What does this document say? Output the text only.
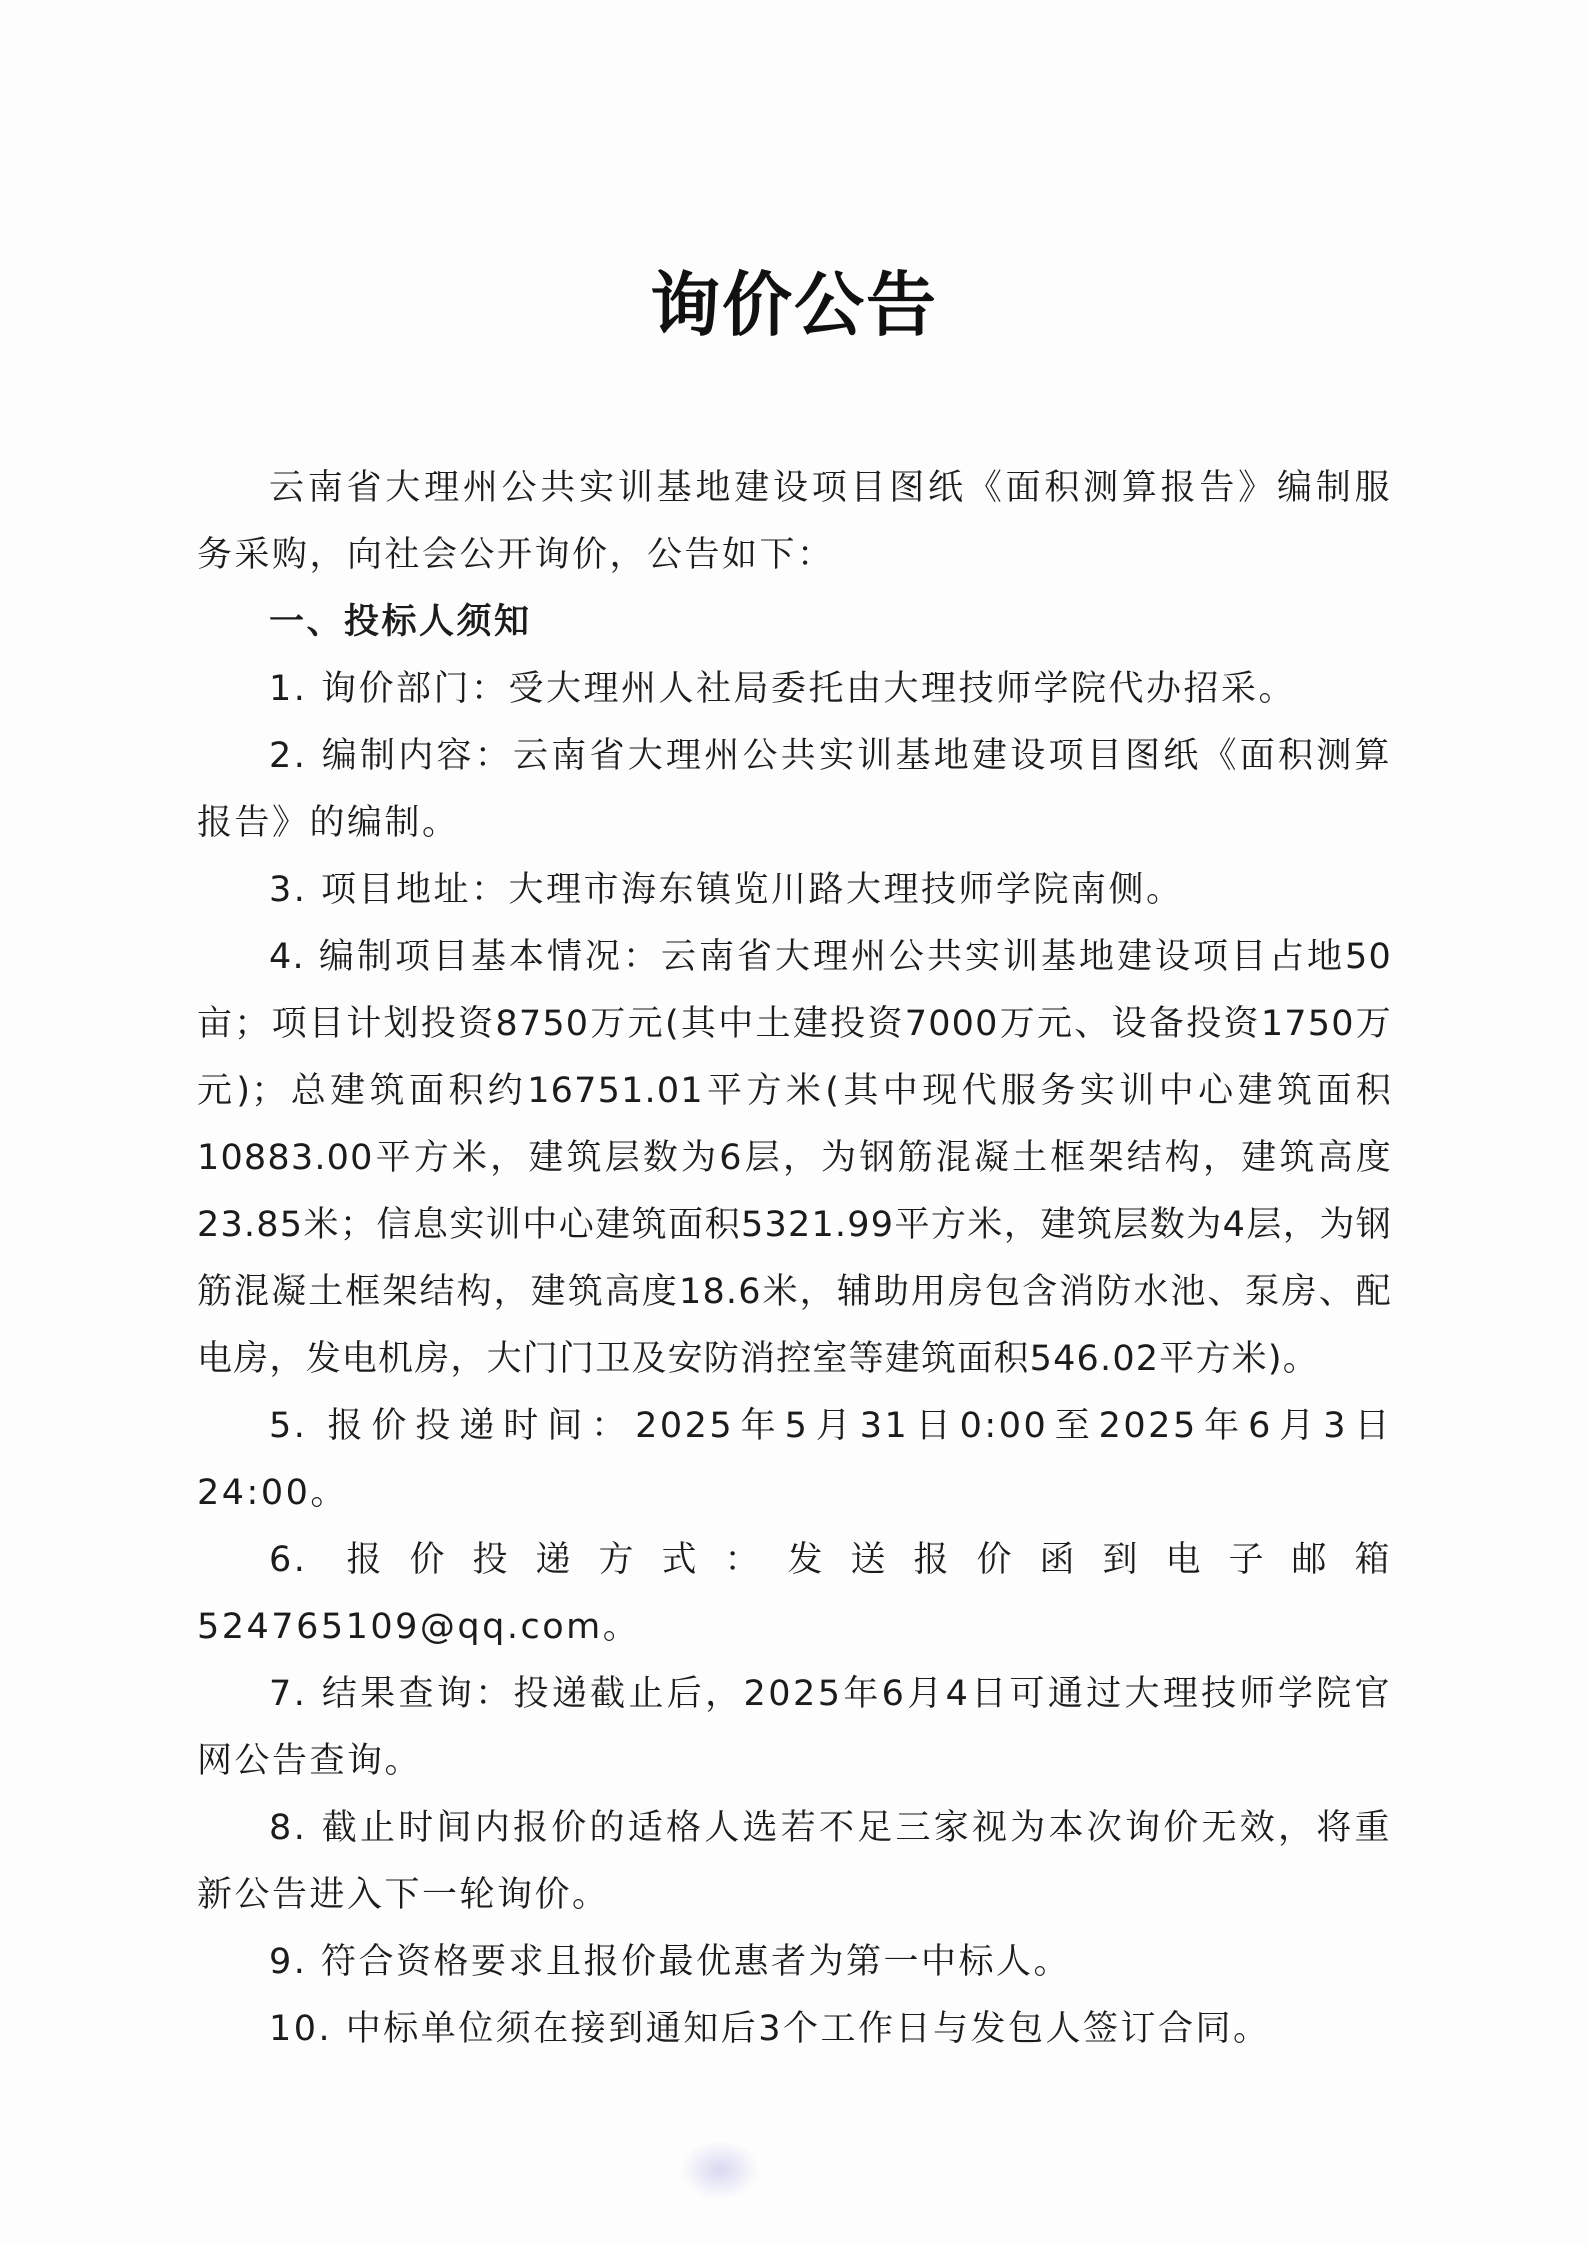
询价公告

云南省大理州公共实训基地建设项目图纸《面积测算报告》编制服务采购，向社会公开询价，公告如下：

一、投标人须知

1. 询价部门：受大理州人社局委托由大理技师学院代办招采。

2. 编制内容：云南省大理州公共实训基地建设项目图纸《面积测算报告》的编制。

3. 项目地址：大理市海东镇览川路大理技师学院南侧。

4. 编制项目基本情况：云南省大理州公共实训基地建设项目占地50亩；项目计划投资8750万元(其中土建投资7000万元、设备投资1750万元)；总建筑面积约16751.01平方米(其中现代服务实训中心建筑面积10883.00平方米，建筑层数为6层，为钢筋混凝土框架结构，建筑高度23.85米；信息实训中心建筑面积5321.99平方米，建筑层数为4层，为钢筋混凝土框架结构，建筑高度18.6米，辅助用房包含消防水池、泵房、配电房，发电机房，大门门卫及安防消控室等建筑面积546.02平方米)。

5. 报价投递时间：2025年5月31日0:00至2025年6月3日24:00。

6. 报价投递方式：发送报价函到电子邮箱524765109@qq.com。

7. 结果查询：投递截止后，2025年6月4日可通过大理技师学院官网公告查询。

8. 截止时间内报价的适格人选若不足三家视为本次询价无效，将重新公告进入下一轮询价。

9. 符合资格要求且报价最优惠者为第一中标人。

10. 中标单位须在接到通知后3个工作日与发包人签订合同。
